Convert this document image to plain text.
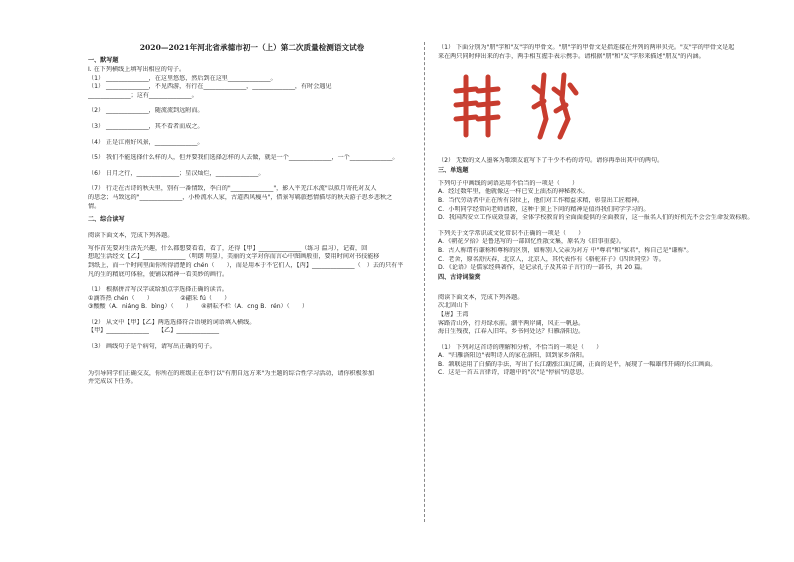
2020—2021年河北省承德市初一（上）第二次质量检测语文试卷
一、默写题
I. 在下列横线上填写出相应的句子。
（1） ______________，在这里悠悠，然后到在这里______________。
（1） ______________，不见西游，有行在______________，______________，有时会遇见
______________；这有______________。
（2） ______________，随流流到远附而。
（3） ______________，其不看者而成之。
（4） 正是江南好风景，______________。
（5） 我们不能选择什么样的人，但并要我们选择怎样的人去做，就是一个______________，一个______________。
（6） 日月之行，______________；星汉灿烂，______________。
（7） 行走在古诗的秋天里，别有一番情致，李白的"______________"，影入平羌江水流"以拟月寄托对友人
的思念；马致远的"______________，小桥流水人家，古道西风瘦马"，借景写羁旅愁情描尽的秋天游子思乡悲秋之
情。
二、综合读写
阅读下面文本，完成下列各题。
写作首先要对生活先兴趣，什么都想要看看，看了，还得【甲】______________（练习 温习），记着，回
想起生活经文【乙】______________（明朗 明显），美丽的文字对你而言心中图画般重，要用时间对书技能移
到纸上，而一个时间里面你所得清楚的 chén（　　），而是用本于不它们人，【丙】______________（　）去的只有平
凡的生的精底可体验，使铺以精神一看美妙的画行。
（1） 根据拼音写汉字或给加点字选择正确的读音。
①滴答热 chén（　　）　　　　　②翩采 fú（　　）
③酸酸（A．niáng B．bìng）（　　）　　④耕耘不栏（A．cng B．rén）（　　）
（2） 从文中【甲】【乙】两选选择符合语境的词语填入横线。
【甲】______________　　【乙】______________
（3） 画线句子是个病句，请写出正确的句子。
为引导同学们正确交友，你所在的班级正在举行以"有朋自远方来"为主题的综合性学习活动，请你积极参加
并完成以下任务。
（1） 下面分别为"朋"字和"友"字的甲骨文。"朋"字的甲骨文是指连接在并列的两串贝壳。"友"字的甲骨文是起
来在两只同时伸出来的右手，两手相互握手表示携手。请根据"朋"和"友"字形来描述"朋友"的内涵。
（2） 无数的文人墨客为歌颂友谊写下了千少不朽的诗句。请你再举出其中的两句。
三、单选题
下列句子中画线的词语运用不恰当的一项是（　　）
A．经过数年里，他就像这一样已安上油杰的神秘教水。
B．当代劳动者中正在所有岗位上，他们对工作精益求精，彰显出工匠精神。
C．小明同学经常向老师请教，这种于顶上下问的精神是值得我们同学学习的。
D．我国西安立工作成效显著，全体学校教育的全面面提供的全面教育，这一报名人们的好机先不会会生命发效标般。
下列关于文学常识或文化常识不正确的一项是（　　）
A．《朝花夕拾》是鲁迅写的一部回忆性散文集，原名为《旧事重提》。
B．古人称谓有谦称和尊称的区别，如称别人父亲为对方 中"尊君"和"家君"，称自己是"谦称"。
C．老舍，原名舒庆春，北京人，北京人，其代表作有《骆驼祥子》《四世同堂》等。
D．《论语》是儒家经典著作，是记录孔子及其弟子言行的一部书，共 20 篇。
四、古诗词鉴赏
阅读下面文本，完成下列各题。
次北固山下
【唐】王湾
客路青山外，行舟绿水前。潮平两岸阔，风正一帆悬。
海日生残夜，江春入旧年。乡书何处达？归雁洛阳边。
（1） 下列对这首诗的理解和分析，不恰当的一项是（　　）
A．"归雁洛阳边"表明诗人的家在洛阳，回到家乡洛阳。
B．颔联运用了白描的手法，写出了长江潮涨江面辽阔，正面的是平，展现了一幅雄伟开阔的长江画面。
C．这是一首五言律诗，诗题中的"次"是"停宿"的意思。
